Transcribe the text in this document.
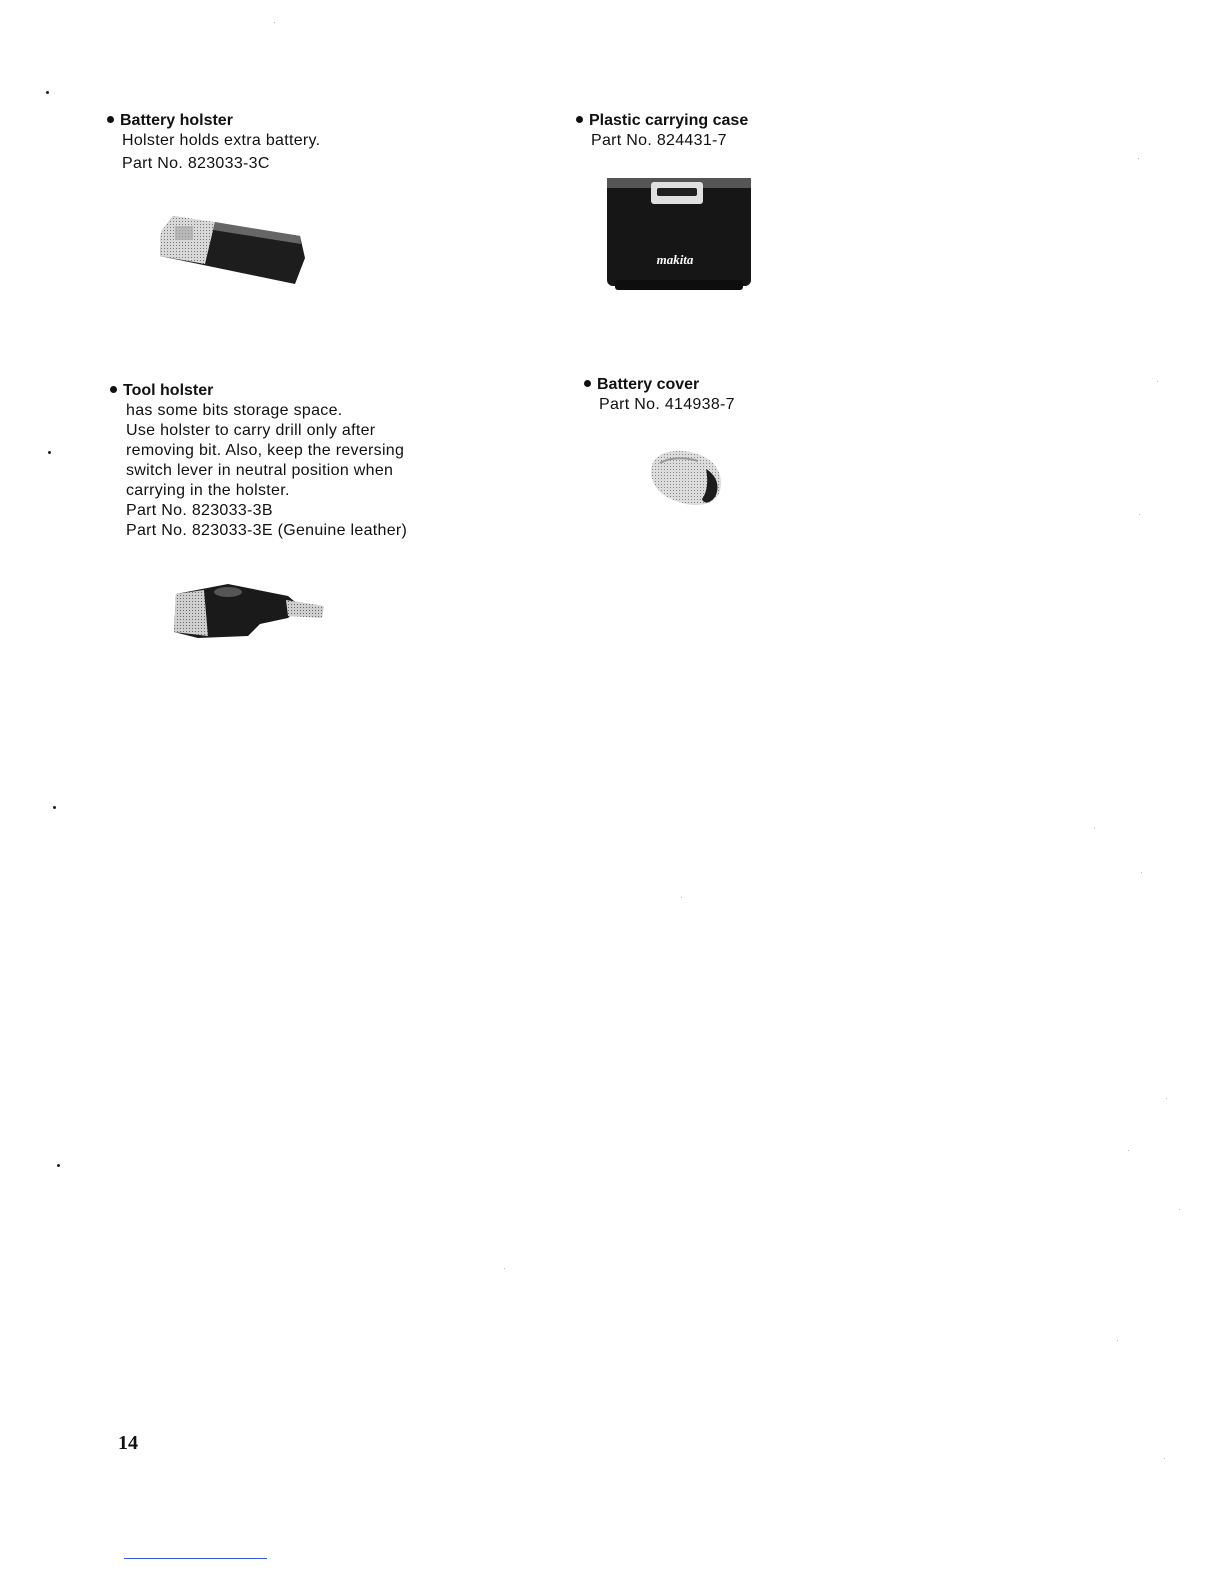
Battery holster
Holster holds extra battery.
Part No. 823033-3C
Plastic carrying case
Part No. 824431-7
makita
Tool holster
has some bits storage space.
Use holster to carry drill only after
removing bit. Also, keep the reversing
switch lever in neutral position when
carrying in the holster.
Part No. 823033-3B
Part No. 823033-3E (Genuine leather)
Battery cover
Part No. 414938-7
14
